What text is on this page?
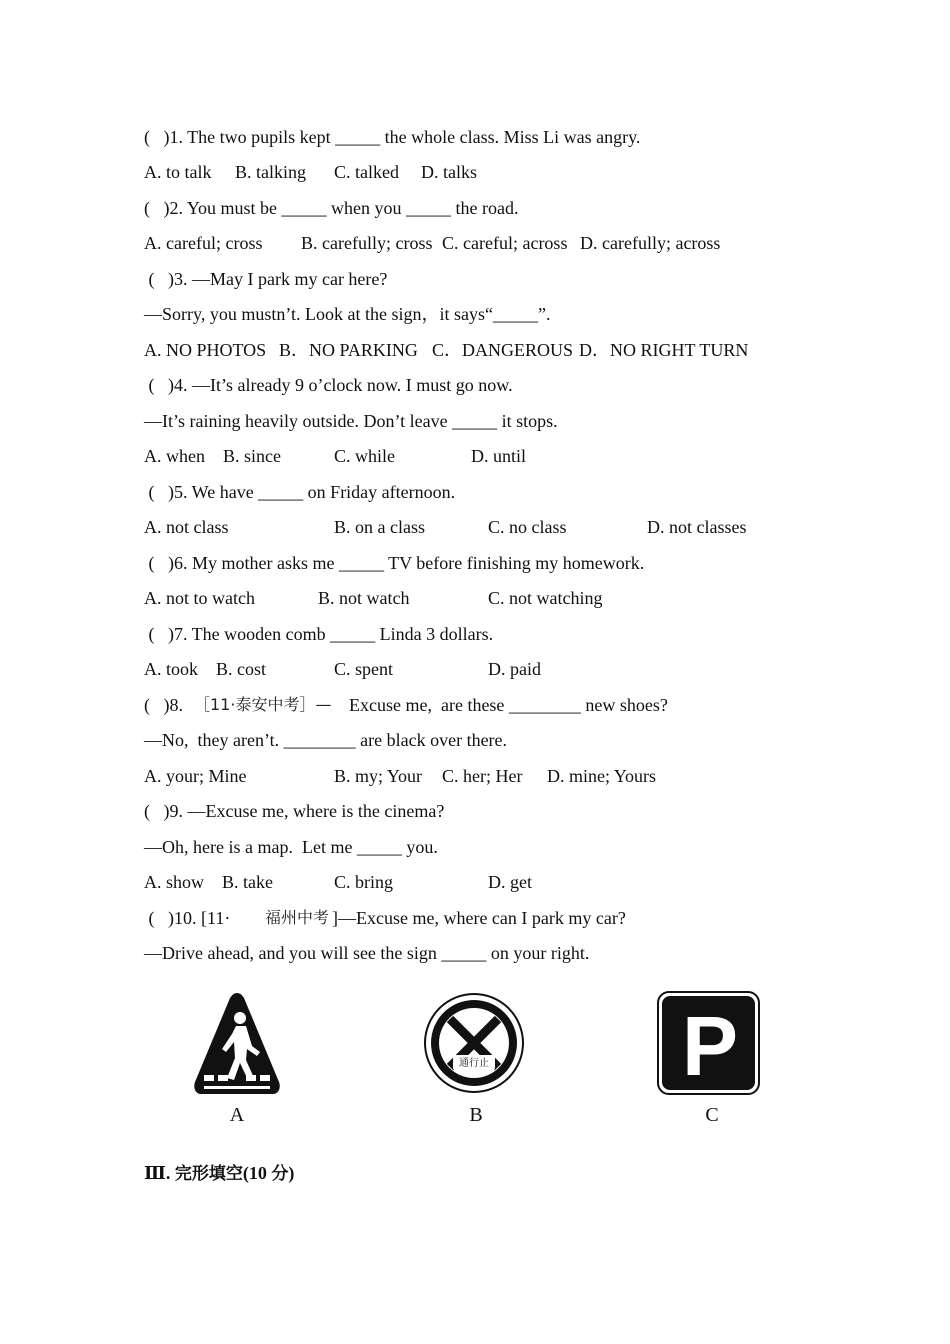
(   )1. The two pupils kept _____ the whole class. Miss Li was angry.

A. to talk

B. talking

C. talked

D. talks

(   )2. You must be _____ when you _____ the road.

A. careful; cross

B. carefully; cross

C. careful; across

D. carefully; across

(   )3. —May I park my car here?

—Sorry, you mustn’t. Look at the sign，it says“_____”.

A. NO PHOTOS

B．NO PARKING

C．DANGEROUS

D．NO RIGHT TURN

(   )4. —It’s already 9 o’clock now. I must go now.

—It’s raining heavily outside. Don’t leave _____ it stops.

A. when

B. since

	C. while

	D. until

(   )5. We have _____ on Friday afternoon.

A. not class

	B. on a class

	C. no class

	D. not classes

(   )6. My mother asks me _____ TV before finishing my homework.

A. not to watch

	B. not watch

	C. not watching

(   )7. The wooden comb _____ Linda 3 dollars.

A. took

B. cost

	C. spent

	D. paid

(   )8.

［11·泰安中考］—

Excuse me,  are these ________ new shoes?

—No,  they aren’t. ________ are black over there.

A. your; Mine

	B. my; Your

C. her; Her

D. mine; Yours

(   )9. —Excuse me, where is the cinema?

—Oh, here is a map.  Let me _____ you.

A. show

B. take

	C. bring

	D. get

(   )10. [11·

福州中考

]—Excuse me, where can I park my car?

—Drive ahead, and you will see the sign _____ on your right.

A
通行止
B
P
C
Ⅲ. 完形填空(10 分)
